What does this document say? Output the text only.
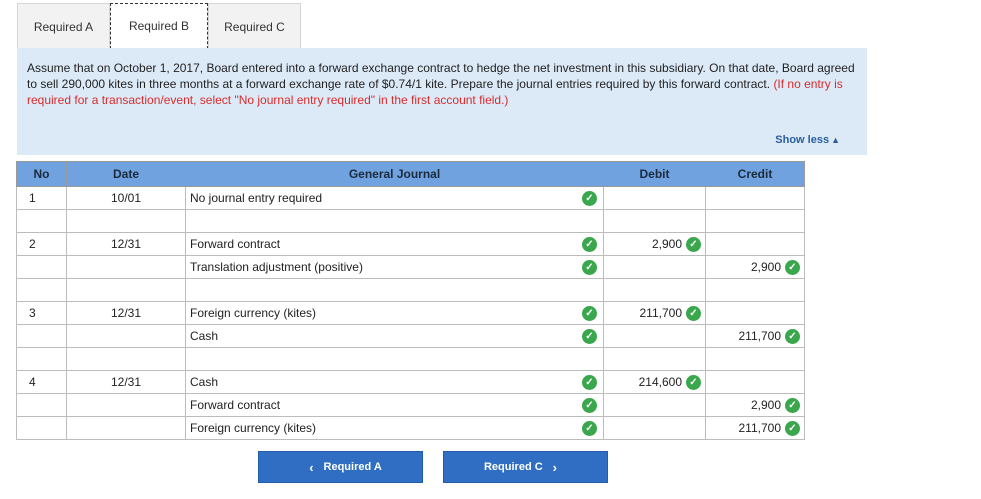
Required A	Required B	Required C
Assume that on October 1, 2017, Board entered into a forward exchange contract to hedge the net investment in this subsidiary. On that date, Board agreed to sell 290,000 kites in three months at a forward exchange rate of $0.74/1 kite. Prepare the journal entries required by this forward contract. (If no entry is required for a transaction/event, select "No journal entry required" in the first account field.)
Show less ▲
No	Date	General Journal	Debit	Credit
1	10/01	No journal entry required ✓		

2	12/31	Forward contract ✓	2,900 ✓	

		Translation adjustment (positive) ✓		2,900 ✓

3	12/31	Foreign currency (kites) ✓	211,700 ✓	

		Cash ✓		211,700 ✓

4	12/31	Cash ✓	214,600 ✓	

		Forward contract ✓		2,900 ✓

		Foreign currency (kites) ✓		211,700 ✓
‹ Required A	Required C ›
